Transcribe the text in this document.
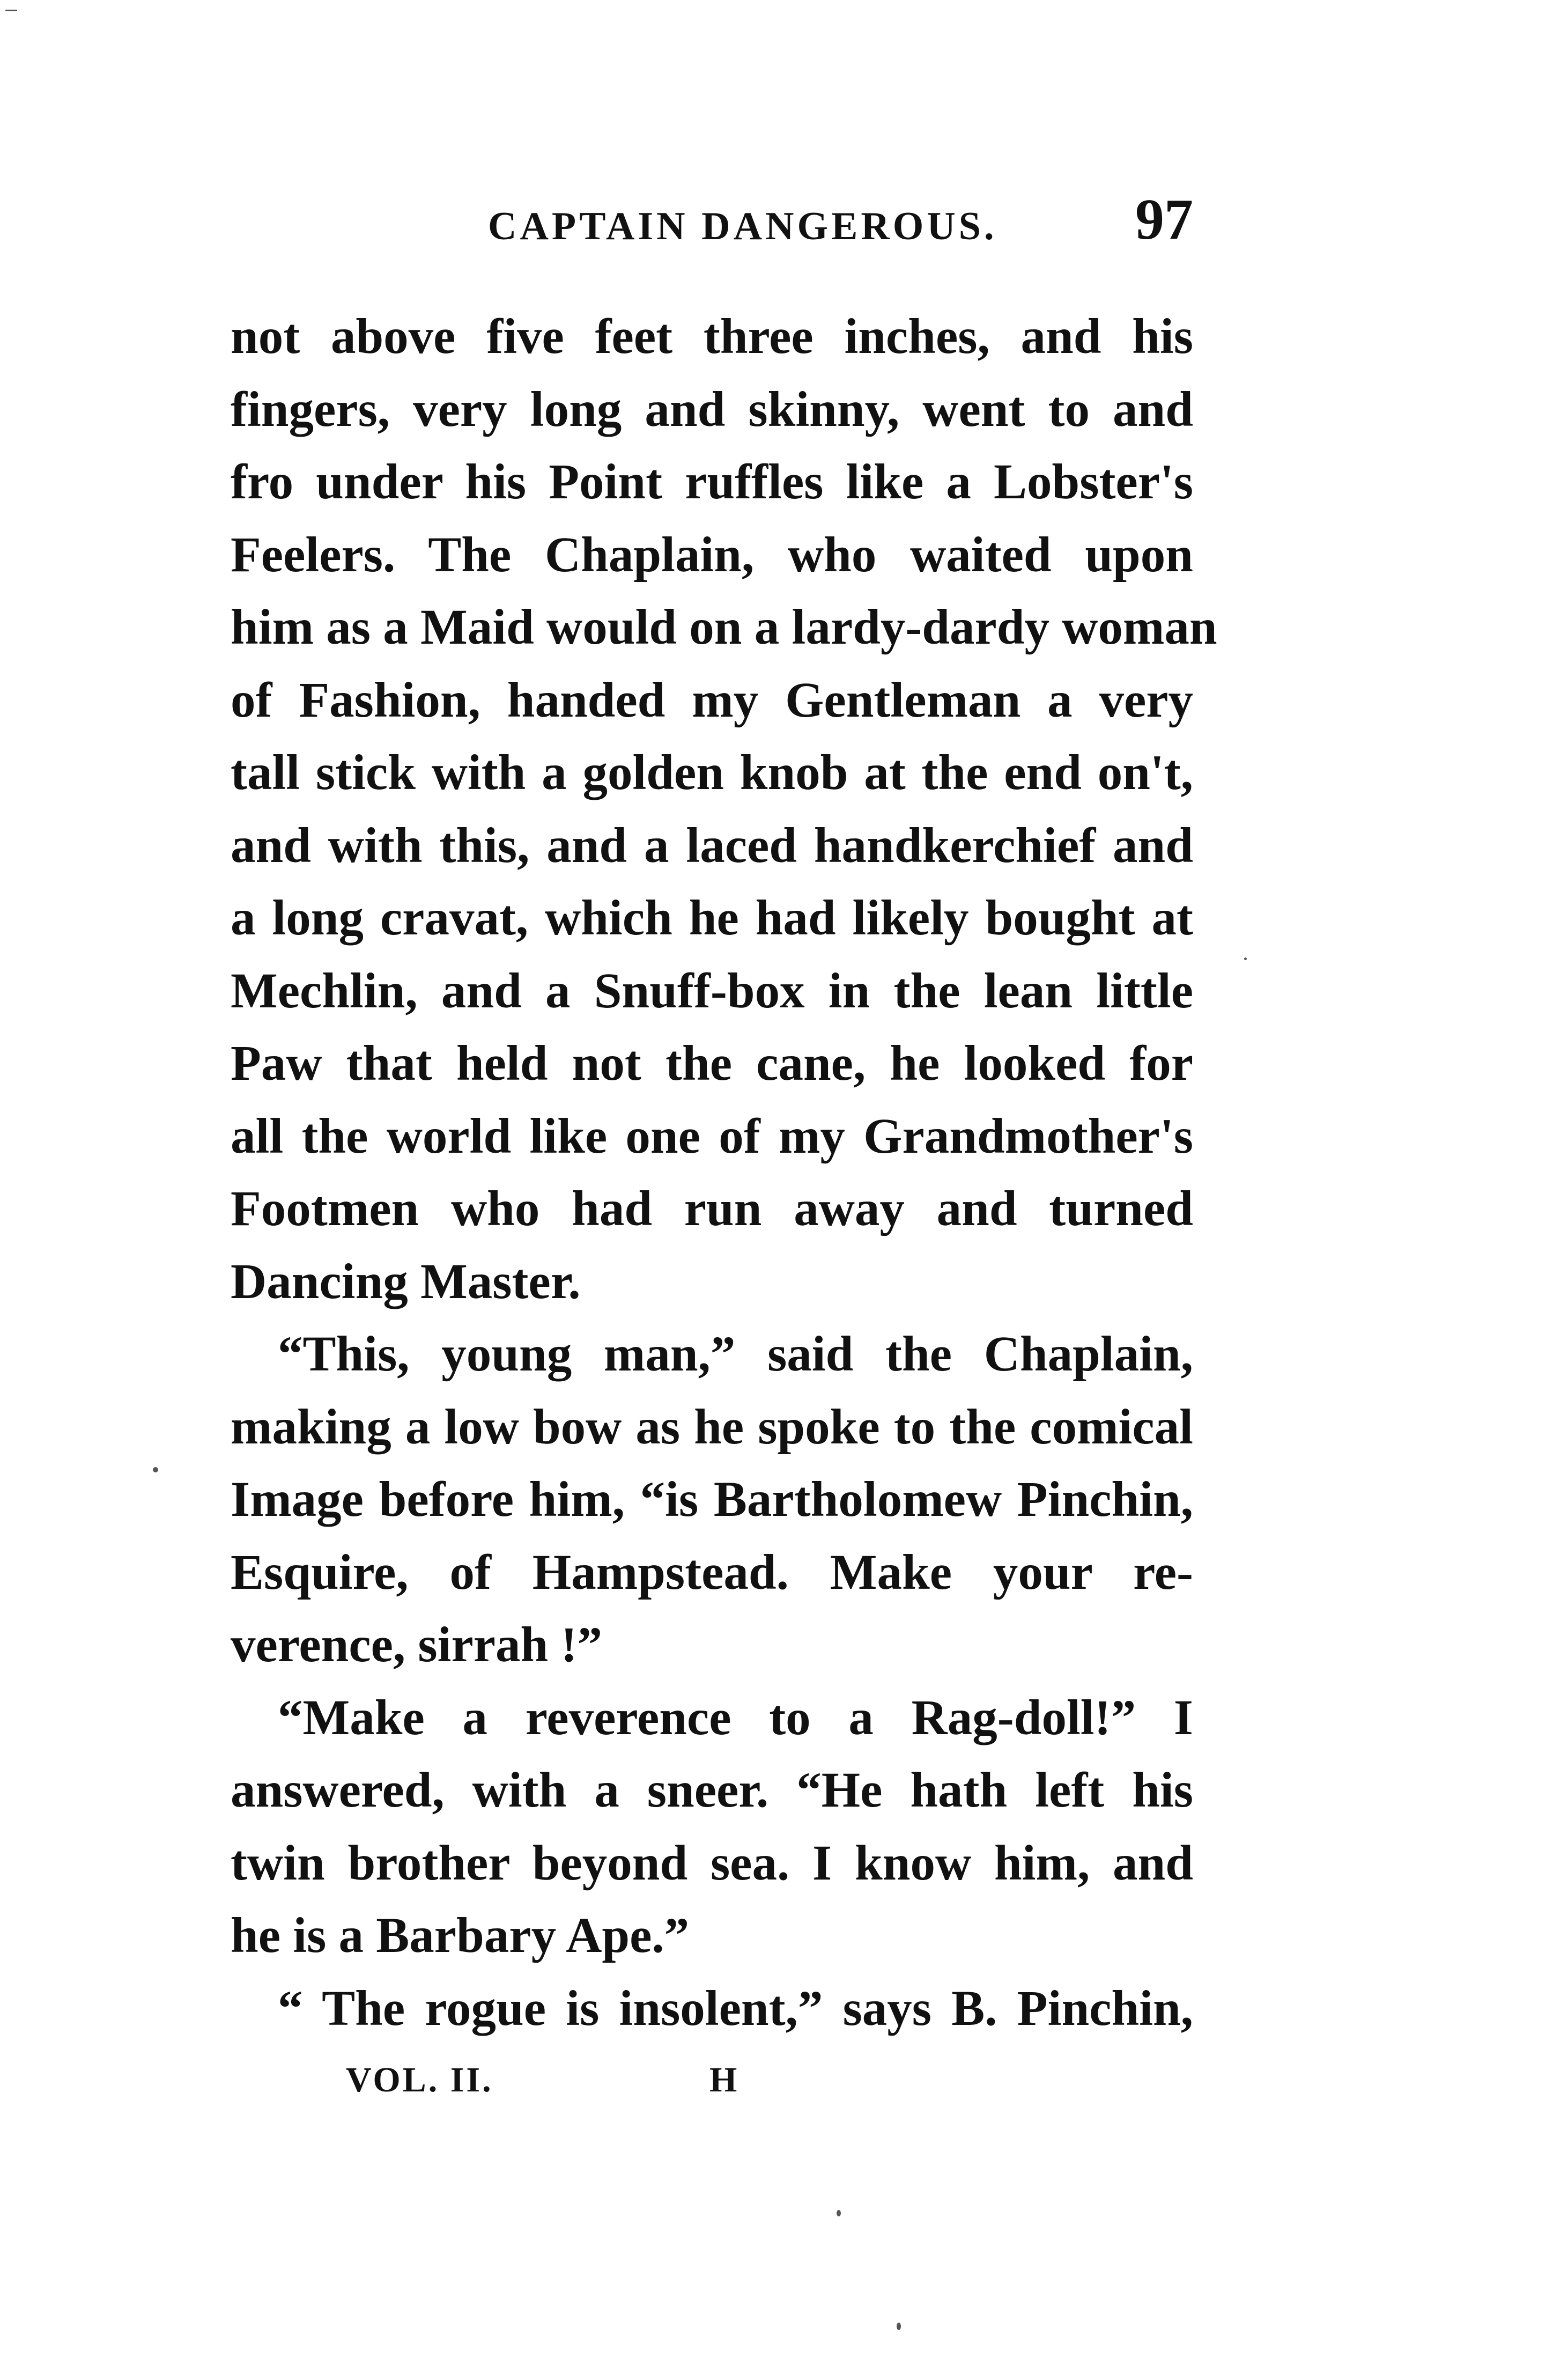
CAPTAIN DANGEROUS. 97
not above five feet three inches, and his
fingers, very long and skinny, went to and
fro under his Point ruffles like a Lobster's
Feelers. The Chaplain, who waited upon
him as a Maid would on a lardy-dardy woman
of Fashion, handed my Gentleman a very
tall stick with a golden knob at the end on't,
and with this, and a laced handkerchief and
a long cravat, which he had likely bought at
Mechlin, and a Snuff-box in the lean little
Paw that held not the cane, he looked for
all the world like one of my Grandmother's
Footmen who had run away and turned
Dancing Master.
“This, young man,” said the Chaplain,
making a low bow as he spoke to the comical
Image before him, “is Bartholomew Pinchin,
Esquire, of Hampstead. Make your re-
verence, sirrah !”
“Make a reverence to a Rag-doll!” I
answered, with a sneer. “He hath left his
twin brother beyond sea. I know him, and
he is a Barbary Ape.”
“ The rogue is insolent,” says B. Pinchin,
VOL. II.	H
